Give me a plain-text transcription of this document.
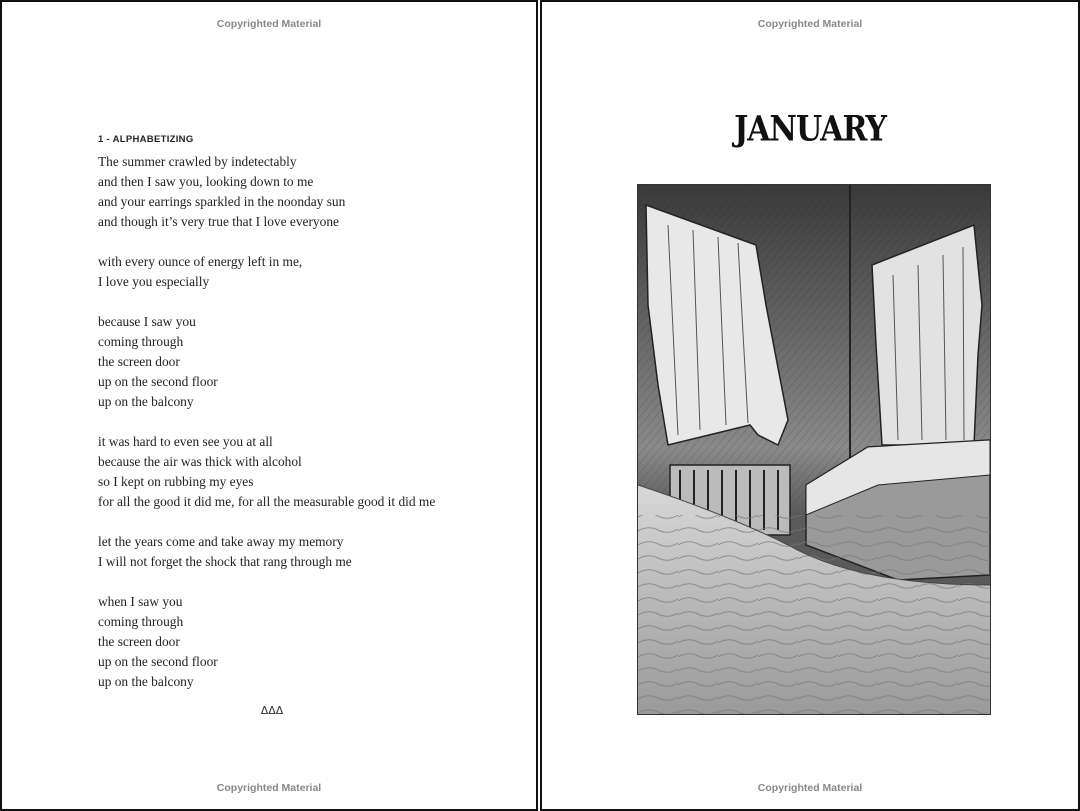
Copyrighted Material
1 - ALPHABETIZING
The summer crawled by indetectably
and then I saw you, looking down to me
and your earrings sparkled in the noonday sun
and though it’s very true that I love everyone
with every ounce of energy left in me,
I love you especially
because I saw you
coming through
the screen door
up on the second floor
up on the balcony
it was hard to even see you at all
because the air was thick with alcohol
so I kept on rubbing my eyes
for all the good it did me, for all the measurable good it did me
let the years come and take away my memory
I will not forget the shock that rang through me
when I saw you
coming through
the screen door
up on the second floor
up on the balcony
ΔΔΔ
Copyrighted Material
Copyrighted Material
JANUARY
Copyrighted Material
